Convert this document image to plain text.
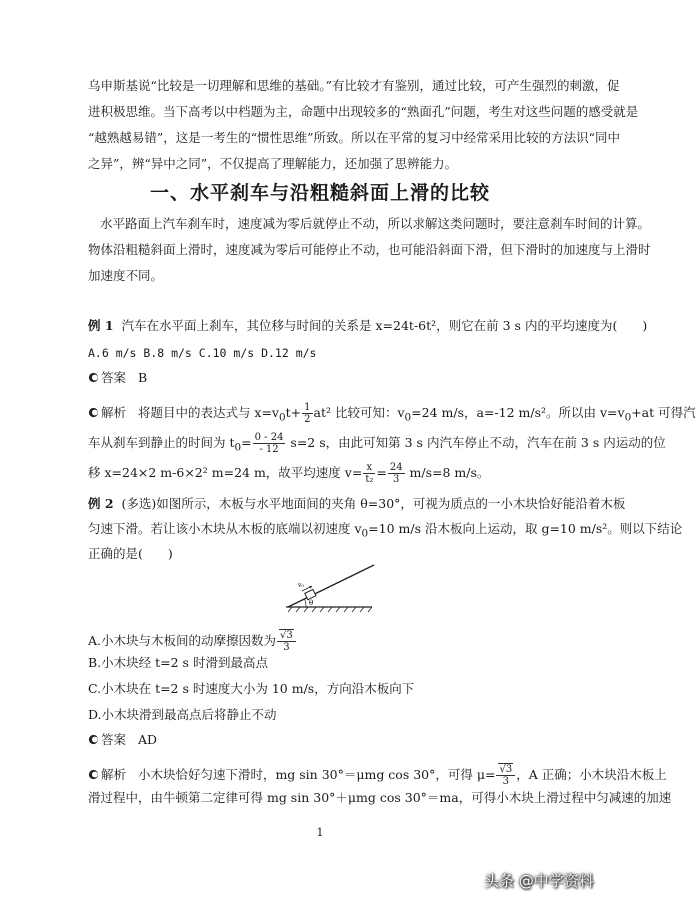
乌申斯基说“比较是一切理解和思维的基础。”有比较才有鉴别，通过比较，可产生强烈的刺激，促
进积极思维。当下高考以中档题为主，命题中出现较多的“熟面孔”问题，考生对这些问题的感受就是
“越熟越易错”，这是一考生的“惯性思维”所致。所以在平常的复习中经常采用比较的方法识“同中
之异”，辨“异中之同”，不仅提高了理解能力，还加强了思辨能力。
一、水平刹车与沿粗糙斜面上滑的比较
水平路面上汽车刹车时，速度减为零后就停止不动，所以求解这类问题时，要注意刹车时间的计算。
物体沿粗糙斜面上滑时，速度减为零后可能停止不动，也可能沿斜面下滑，但下滑时的加速度与上滑时
加速度不同。
例 1 汽车在水平面上刹车，其位移与时间的关系是 x=24t-6t²，则它在前 3 s 内的平均速度为(　　)
A.6 m/s B.8 m/s C.10 m/s D.12 m/s
答案 B
解析 将题目中的表达式与 $x=v_0t+ \frac{1}{2} at^2$ 比较可知：$v_0=24$ m/s，a=-12 m/s²。所以由 $v=v_0+at$ 可得汽
车从刹车到静止的时间为 $t_0= \frac{0 - 24}{- 12} s=2$ s，由此可知第 3 s 内汽车停止不动，汽车在前 3 s 内运动的位
移 x=24×2 m-6×2² m=24 m，故平均速度 $v= \frac{x}{\text{t₂}} = \frac{24}{3} m/s=8$ m/s。
例 2 (多选)如图所示，木板与水平地面间的夹角 θ=30°，可视为质点的一小木块恰好能沿着木板
匀速下滑。若让该小木块从木板的底端以初速度 $v_0=10$ m/s 沿木板向上运动，取 g=10 m/s²。则以下结论
正确的是(　　)
v₀
θ
A.小木块与木板间的动摩擦因数为 $\frac{√3}{3}$
B.小木块经 t=2 s 时滑到最高点
C.小木块在 t=2 s 时速度大小为 10 m/s，方向沿木板向下
D.小木块滑到最高点后将静止不动
答案 AD
解析 小木块恰好匀速下滑时，mg sin 30°＝μmg cos 30°，可得 $\mu= \frac{√3}{3}$ ，A 正确；小木块沿木板上
滑过程中，由牛顿第二定律可得 mg sin 30°＋μmg cos 30°＝ma，可得小木块上滑过程中匀减速的加速
1
头条 @中学资料
